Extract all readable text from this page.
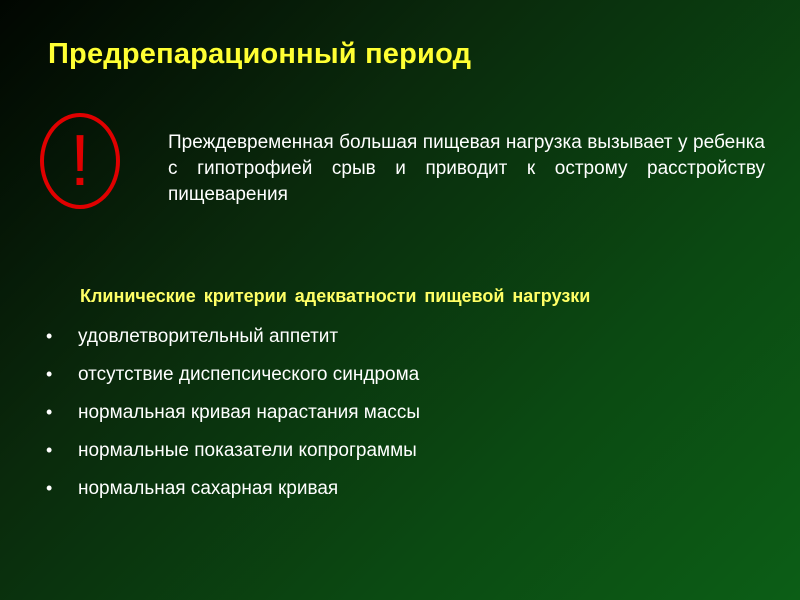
Предрепарационный период
!	Преждевременная большая пищевая нагрузка вызывает у ребенка с гипотрофией срыв и приводит к острому расстройству пищеварения
Клинические критерии адекватности пищевой нагрузки
•	удовлетворительный аппетит
•	отсутствие диспепсического синдрома
•	нормальная кривая нарастания массы
•	нормальные показатели копрограммы
•	нормальная сахарная кривая
